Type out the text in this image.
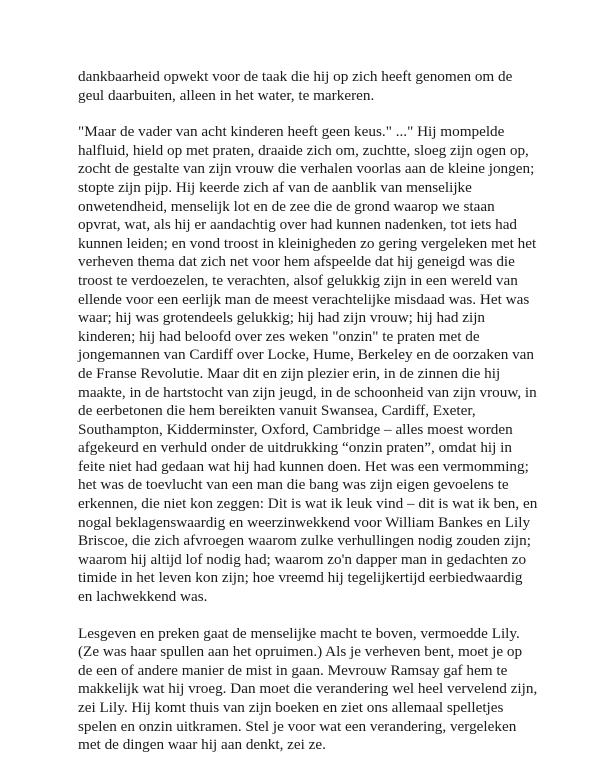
dankbaarheid opwekt voor de taak die hij op zich heeft genomen om de geul daarbuiten, alleen in het water, te markeren.

"Maar de vader van acht kinderen heeft geen keus." ..." Hij mompelde halfluid, hield op met praten, draaide zich om, zuchtte, sloeg zijn ogen op, zocht de gestalte van zijn vrouw die verhalen voorlas aan de kleine jongen; stopte zijn pijp. Hij keerde zich af van de aanblik van menselijke onwetendheid, menselijk lot en de zee die de grond waarop we staan opvrat, wat, als hij er aandachtig over had kunnen nadenken, tot iets had kunnen leiden; en vond troost in kleinigheden zo gering vergeleken met het verheven thema dat zich net voor hem afspeelde dat hij geneigd was die troost te verdoezelen, te verachten, alsof gelukkig zijn in een wereld van ellende voor een eerlijk man de meest verachtelijke misdaad was. Het was waar; hij was grotendeels gelukkig; hij had zijn vrouw; hij had zijn kinderen; hij had beloofd over zes weken "onzin" te praten met de jongemannen van Cardiff over Locke, Hume, Berkeley en de oorzaken van de Franse Revolutie. Maar dit en zijn plezier erin, in de zinnen die hij maakte, in de hartstocht van zijn jeugd, in de schoonheid van zijn vrouw, in de eerbetonen die hem bereikten vanuit Swansea, Cardiff, Exeter, Southampton, Kidderminster, Oxford, Cambridge – alles moest worden afgekeurd en verhuld onder de uitdrukking “onzin praten”, omdat hij in feite niet had gedaan wat hij had kunnen doen. Het was een vermomming; het was de toevlucht van een man die bang was zijn eigen gevoelens te erkennen, die niet kon zeggen: Dit is wat ik leuk vind – dit is wat ik ben, en nogal beklagenswaardig en weerzinwekkend voor William Bankes en Lily Briscoe, die zich afvroegen waarom zulke verhullingen nodig zouden zijn; waarom hij altijd lof nodig had; waarom zo'n dapper man in gedachten zo timide in het leven kon zijn; hoe vreemd hij tegelijkertijd eerbiedwaardig en lachwekkend was.

Lesgeven en preken gaat de menselijke macht te boven, vermoedde Lily. (Ze was haar spullen aan het opruimen.) Als je verheven bent, moet je op de een of andere manier de mist in gaan. Mevrouw Ramsay gaf hem te makkelijk wat hij vroeg. Dan moet die verandering wel heel vervelend zijn, zei Lily. Hij komt thuis van zijn boeken en ziet ons allemaal spelletjes spelen en onzin uitkramen. Stel je voor wat een verandering, vergeleken met de dingen waar hij aan denkt, zei ze.
